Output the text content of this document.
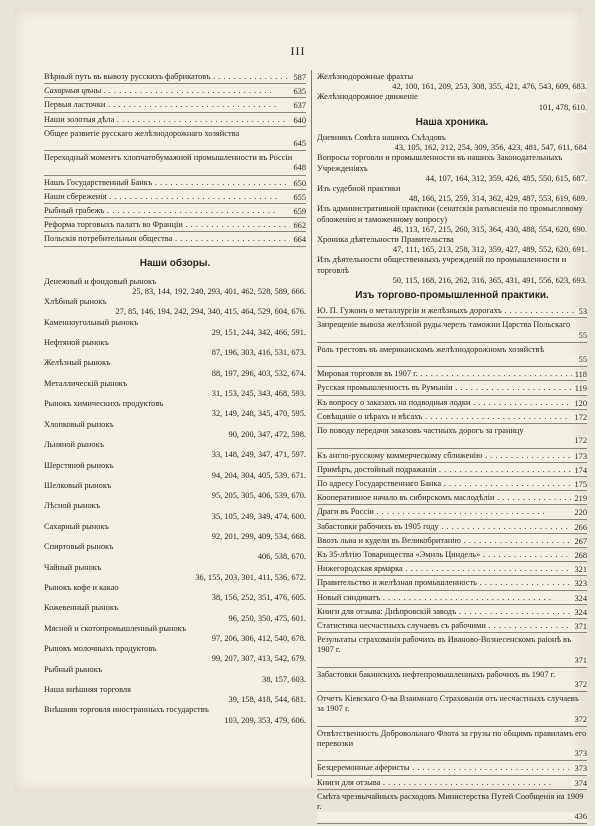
III
Вѣрный путь въ вывозу русскихъ фабрикатовъ . . .	587
Сахарныя цѣны . . .	635
Первыя ласточки . . .	637
Наши золотыя дѣла . . .	640
Общее развитіе русскаго желѣзнодорожнаго хозяйства
645
Переходный моментъ хлопчатобумажной промышленности въ Россіи
648
Нашъ Государственный Банкъ . . .	650
Наши сбереженія . . .	655
Рыбный грабежъ . . .	659
Реформа торговыхъ палатъ во Франціи . . .	662
Польскія потребительныя общества . . .	664
Наши обзоры.
Денежный и фондовый рынокъ
25, 83, 144, 192, 240, 293, 401, 462, 528, 589, 666.
Хлѣбный рынокъ
27, 85, 146, 194, 242, 294, 340, 415, 464, 529, 604, 676.
Каменноугольный рынокъ
29, 151, 244, 342, 466, 591.
Нефтяной рынокъ
87, 196, 303, 416, 531, 673.
Желѣзный рынокъ
88, 197, 296, 403, 532, 674.
Металлическій рынокъ
31, 153, 245, 343, 468, 593.
Рынокъ химическихъ продуктовъ
32, 149, 248, 345, 470, 595.
Хлопковый рынокъ
90, 200, 347, 472, 598.
Льняной рынокъ
33, 148, 249, 347, 471, 597.
Шерстяной рынокъ
94, 204, 304, 405, 539, 671.
Шелковый рынокъ
95, 205, 305, 406, 539, 670.
Лѣсной рынокъ
35, 105, 249, 349, 474, 600.
Сахарный рынокъ
92, 201, 299, 409, 534, 668.
Спиртовый рынокъ
406, 538, 670.
Чайный рынокъ
36, 155, 203, 301, 411, 536, 672.
Рынокъ кофе и какао
38, 156, 252, 351, 476, 605.
Кожевенный рынокъ
96, 250, 350, 475, 601.
Мясной и скотопромышленный рынокъ
97, 206, 306, 412, 540, 678.
Рынокъ молочныхъ продуктовъ
99, 207, 307, 413, 542, 679.
Рыбный рынокъ
38, 157, 603.
Наша внѣшняя торговля
39, 158, 418, 544, 681.
Внѣшняя торговля иностранныхъ государствъ
103, 209, 353, 479, 606.
Желѣзнодорожные фрахты
42, 100, 161, 209, 253, 308, 355, 421, 476, 543, 609, 683.
Желѣзнодорожное движеніе
101, 478, 610.
Наша хроника.
Дневникъ Совѣта нашихъ Съѣздовъ
43, 105, 162, 212, 254, 309, 356, 423, 481, 547, 611, 684
Вопросы торговли и промышленности въ нашихъ Законодательныхъ Учрежденіяхъ
44, 107, 164, 312, 359, 426, 485, 550, 615, 687.
Изъ судебной практики
48, 166, 215, 259, 314, 362, 429, 487, 553, 619, 689.
Изъ административной практики (сенатскія разъясненія по промысловому обложенію и таможенному вопросу)
48, 113, 167, 215, 260, 315, 364, 430, 488, 554, 620, 690.
Хроника дѣятельности Правительства
47, 111, 165, 213, 258, 312, 359, 427, 489, 552, 620, 691.
Изъ дѣятельности общественныхъ учрежденій по промышленности и торговлѣ
50, 115, 168, 216, 262, 316, 365, 431, 491, 556, 623, 693.
Изъ торгово-промышленной практики.
Ю. П. Гужонъ о металлургіи и желѣзныхъ дорогахъ . . .	53
Запрещеніе вывоза желѣзной руды черезъ таможни Царства Польскаго
55
Роль трестовъ въ американскомъ желѣзнодорожномъ хозяйствѣ
55
Мировая торговля въ 1907 г. . . .	118
Русская промышленность въ Румыніи . . .	119
Къ вопросу о заказахъ на подводныя лодки . . .	120
Совѣщаніе о нѣрахъ и вѣсахъ . . .	172
По поводу передачи заказовъ частныхъ дорогъ за границу
172
Къ англо-русскому коммерческому сближенію . . .	173
Примѣръ, достойный подражанія . . .	174
По адресу Государственнаго Банка . . .	175
Кооперативное начало въ сибирскомъ маслодѣліи . . .	219
Драги въ Россіи . . .	220
Забастовки рабочихъ въ 1905 году . . .	266
Ввозъ льна и кудели въ Великобританію . . .	267
Къ 35-лѣтію Товарищества «Эмиль Циндель» . . .	268
Нижегородская ярмарка . . .	321
Правительство и желѣзная промышленность . . .	323
Новый синдикатъ . . .	324
Книги для отзыва: Днѣпровскій заводъ . . .	324
Статистика несчастныхъ случаевъ съ рабочими . . .	371
Результаты страхованія рабочихъ въ Иваново-Вознесенскомъ раіонѣ въ 1907 г.
371
Забастовки бакинскихъ нефтепромышленныхъ рабочихъ въ 1907 г.
372
Отчетъ Кіевскаго О-ва Взаимнаго Страхованія отъ несчастныхъ случаевъ за 1907 г.
372
Отвѣтственность Добровольнаго Флота за грузы по общимъ правиламъ его перевозки
373
Безцеремонные аферисты . . .	373
Книги для отзыва . . .	374
Смѣта чрезвычайныхъ расходовъ Министерства Путей Сообщенія на 1909 г.
436
